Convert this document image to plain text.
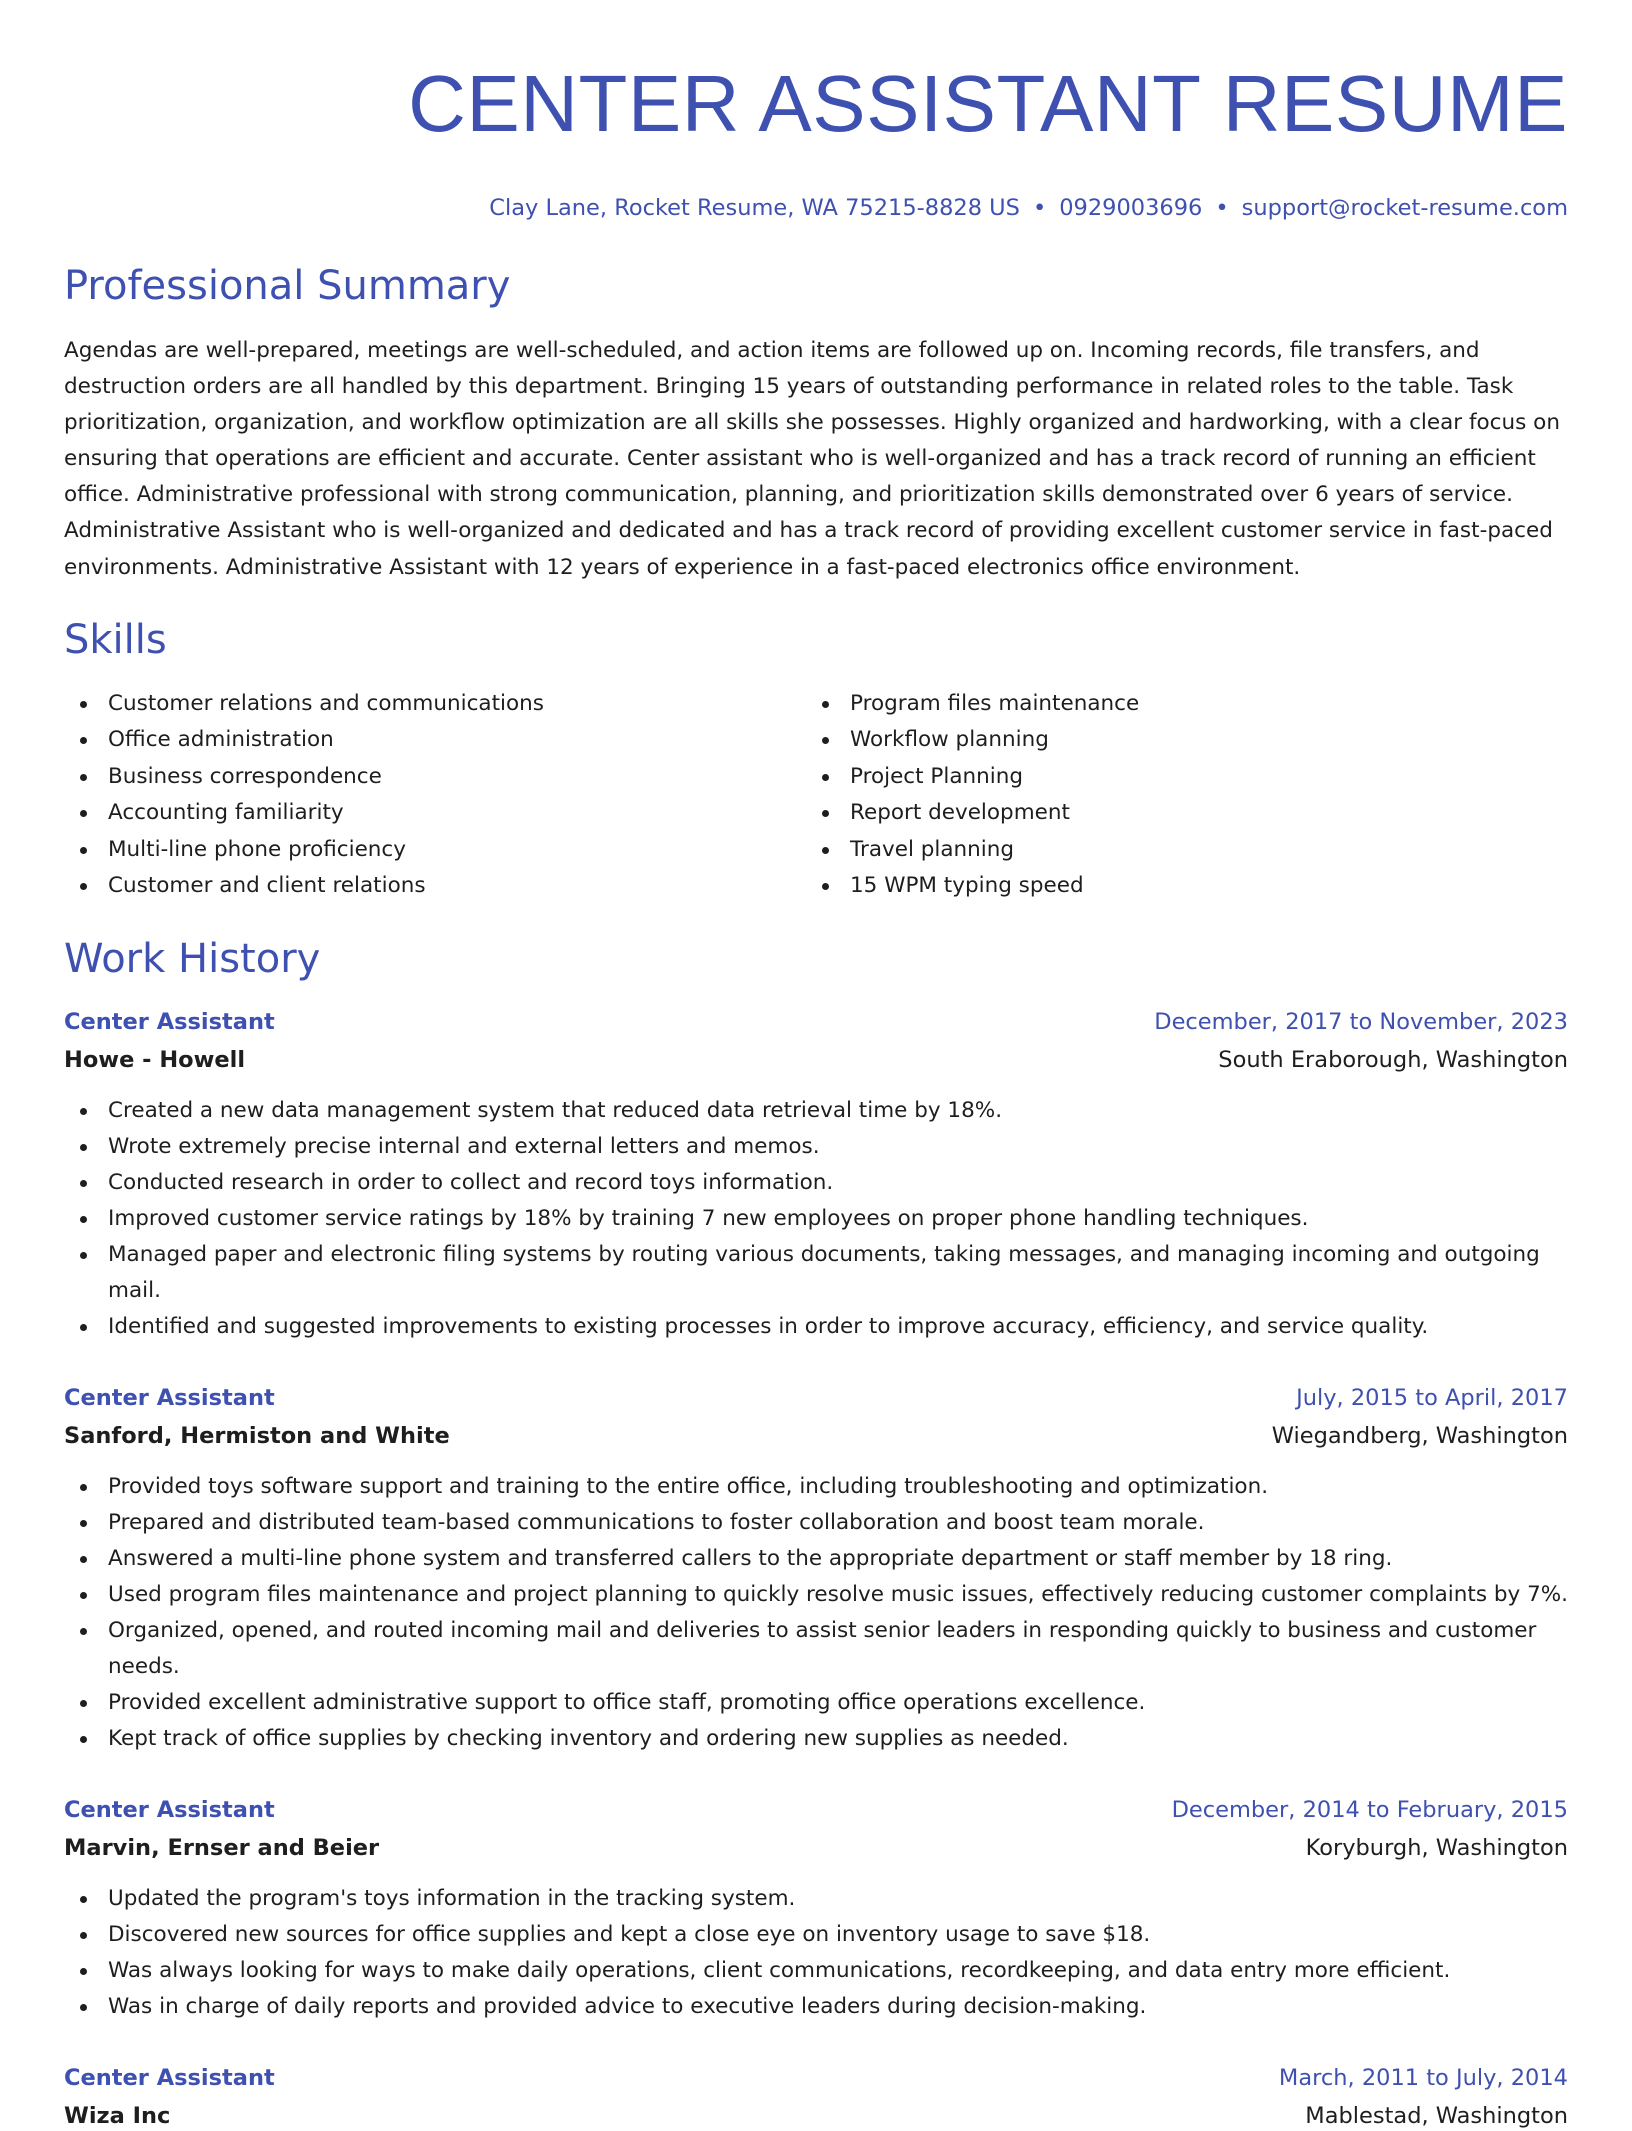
CENTER ASSISTANT RESUME
Clay Lane, Rocket Resume, WA 75215-8828 US • 0929003696 • support@rocket-resume.com
Professional Summary

Agendas are well-prepared, meetings are well-scheduled, and action items are followed up on. Incoming records, file transfers, and destruction orders are all handled by this department. Bringing 15 years of outstanding performance in related roles to the table. Task prioritization, organization, and workflow optimization are all skills she possesses. Highly organized and hardworking, with a clear focus on ensuring that operations are efficient and accurate. Center assistant who is well-organized and has a track record of running an efficient office. Administrative professional with strong communication, planning, and prioritization skills demonstrated over 6 years of service. Administrative Assistant who is well-organized and dedicated and has a track record of providing excellent customer service in fast-paced environments. Administrative Assistant with 12 years of experience in a fast-paced electronics office environment.

Skills
Customer relations and communications
Office administration
Business correspondence
Accounting familiarity
Multi-line phone proficiency
Customer and client relations
Program files maintenance
Workflow planning
Project Planning
Report development
Travel planning
15 WPM typing speed
Work History
Center Assistant	December, 2017 to November, 2023
Howe - Howell	South Eraborough, Washington
Created a new data management system that reduced data retrieval time by 18%.
Wrote extremely precise internal and external letters and memos.
Conducted research in order to collect and record toys information.
Improved customer service ratings by 18% by training 7 new employees on proper phone handling techniques.
Managed paper and electronic filing systems by routing various documents, taking messages, and managing incoming and outgoing mail.
Identified and suggested improvements to existing processes in order to improve accuracy, efficiency, and service quality.
Center Assistant	July, 2015 to April, 2017
Sanford, Hermiston and White	Wiegandberg, Washington
Provided toys software support and training to the entire office, including troubleshooting and optimization.
Prepared and distributed team-based communications to foster collaboration and boost team morale.
Answered a multi-line phone system and transferred callers to the appropriate department or staff member by 18 ring.
Used program files maintenance and project planning to quickly resolve music issues, effectively reducing customer complaints by 7%.
Organized, opened, and routed incoming mail and deliveries to assist senior leaders in responding quickly to business and customer needs.
Provided excellent administrative support to office staff, promoting office operations excellence.
Kept track of office supplies by checking inventory and ordering new supplies as needed.
Center Assistant	December, 2014 to February, 2015
Marvin, Ernser and Beier	Koryburgh, Washington
Updated the program's toys information in the tracking system.
Discovered new sources for office supplies and kept a close eye on inventory usage to save $18.
Was always looking for ways to make daily operations, client communications, recordkeeping, and data entry more efficient.
Was in charge of daily reports and provided advice to executive leaders during decision-making.
Center Assistant	March, 2011 to July, 2014
Wiza Inc	Mablestad, Washington
